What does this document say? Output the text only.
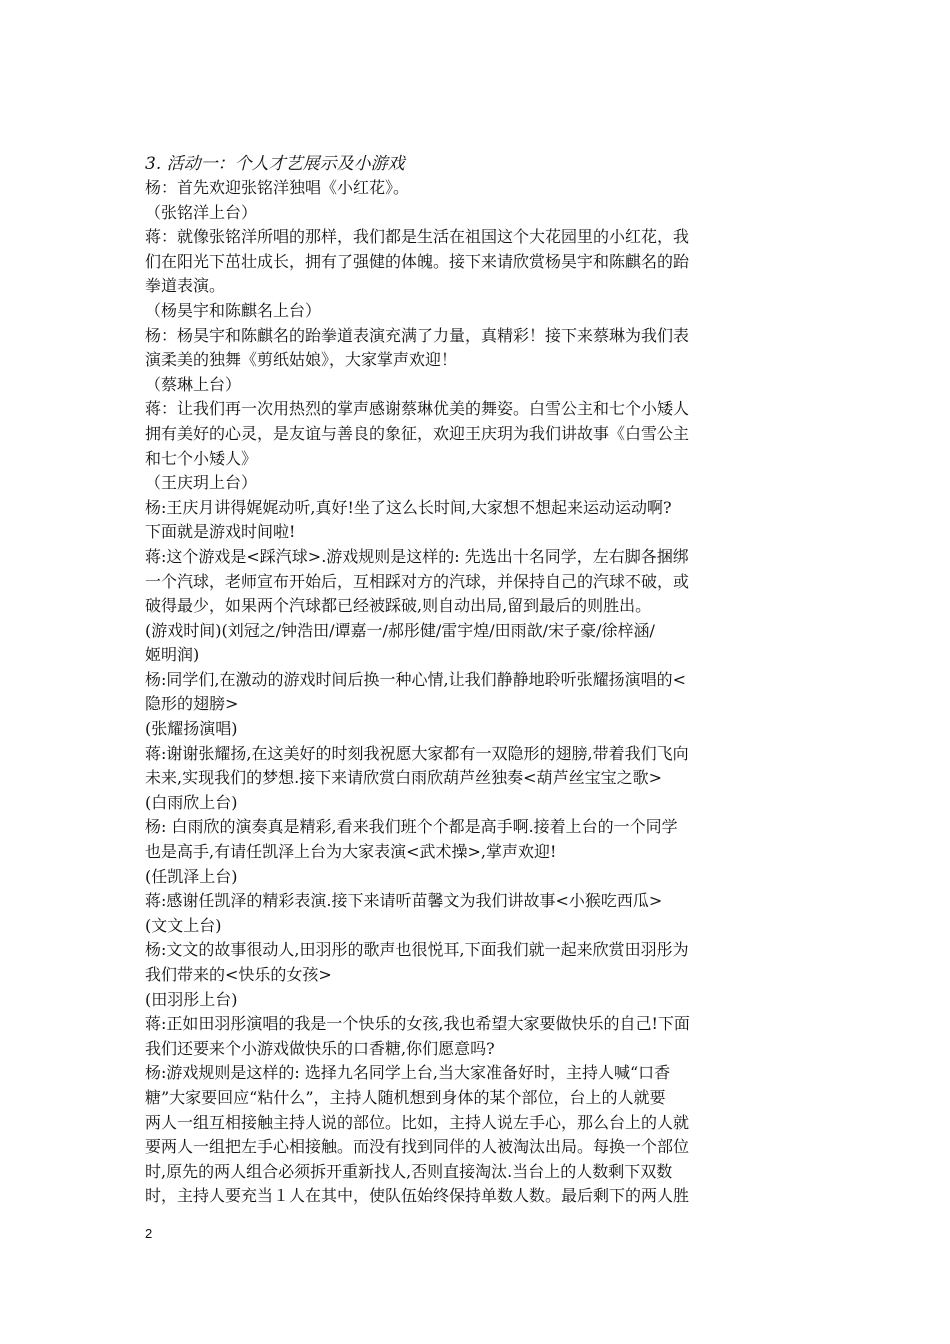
3. 活动一：个人才艺展示及小游戏
杨：首先欢迎张铭洋独唱《小红花》。
（张铭洋上台）
蒋：就像张铭洋所唱的那样，我们都是生活在祖国这个大花园里的小红花，我
们在阳光下茁壮成长，拥有了强健的体魄。接下来请欣赏杨昊宇和陈麒名的跆
拳道表演。
（杨昊宇和陈麒名上台）
杨：杨昊宇和陈麒名的跆拳道表演充满了力量，真精彩！接下来蔡琳为我们表
演柔美的独舞《剪纸姑娘》，大家掌声欢迎！
（蔡琳上台）
蒋：让我们再一次用热烈的掌声感谢蔡琳优美的舞姿。白雪公主和七个小矮人
拥有美好的心灵，是友谊与善良的象征，欢迎王庆玥为我们讲故事《白雪公主
和七个小矮人》
（王庆玥上台）
杨:王庆月讲得娓娓动听,真好!坐了这么长时间,大家想不想起来运动运动啊?
下面就是游戏时间啦!
蒋:这个游戏是<踩汽球>.游戏规则是这样的: 先选出十名同学，左右脚各捆绑
一个汽球，老师宣布开始后，互相踩对方的汽球，并保持自己的汽球不破，或
破得最少，如果两个汽球都已经被踩破,则自动出局,留到最后的则胜出。
(游戏时间)(刘冠之/钟浩田/谭嘉一/郝彤健/雷宇煌/田雨歆/宋子豪/徐梓涵/
姬明润)
杨:同学们,在激动的游戏时间后换一种心情,让我们静静地聆听张耀扬演唱的<
隐形的翅膀>
(张耀扬演唱)
蒋:谢谢张耀扬,在这美好的时刻我祝愿大家都有一双隐形的翅膀,带着我们飞向
未来,实现我们的梦想.接下来请欣赏白雨欣葫芦丝独奏<葫芦丝宝宝之歌>
(白雨欣上台)
杨: 白雨欣的演奏真是精彩,看来我们班个个都是高手啊.接着上台的一个同学
也是高手,有请任凯泽上台为大家表演<武术操>,掌声欢迎!
(任凯泽上台)
蒋:感谢任凯泽的精彩表演.接下来请听苗馨文为我们讲故事<小猴吃西瓜>
(文文上台)
杨:文文的故事很动人,田羽彤的歌声也很悦耳,下面我们就一起来欣赏田羽彤为
我们带来的<快乐的女孩>
(田羽彤上台)
蒋:正如田羽彤演唱的我是一个快乐的女孩,我也希望大家要做快乐的自己!下面
我们还要来个小游戏做快乐的口香糖,你们愿意吗?
杨:游戏规则是这样的: 选择九名同学上台,当大家准备好时，主持人喊“口香
糖”大家要回应“粘什么”，主持人随机想到身体的某个部位，台上的人就要
两人一组互相接触主持人说的部位。比如，主持人说左手心，那么台上的人就
要两人一组把左手心相接触。而没有找到同伴的人被淘汰出局。每换一个部位
时,原先的两人组合必须拆开重新找人,否则直接淘汰.当台上的人数剩下双数
时，主持人要充当１人在其中，使队伍始终保持单数人数。最后剩下的两人胜
2
